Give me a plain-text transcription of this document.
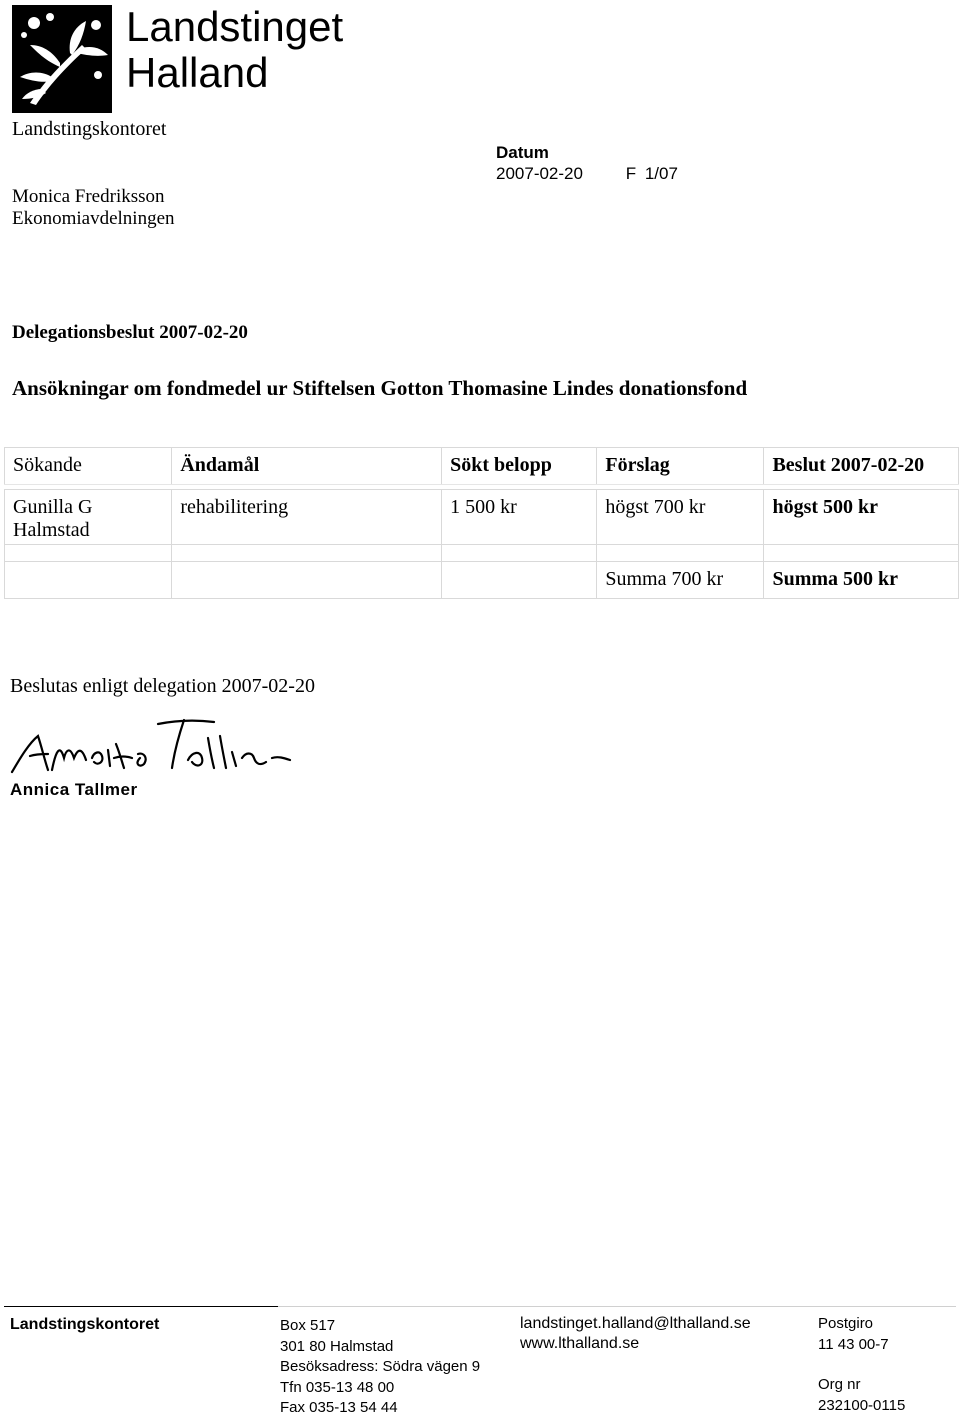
Landstinget
Halland
Landstingskontoret
Monica Fredriksson
Ekonomiavdelningen
Datum
2007-02-20	F 1/07
Delegationsbeslut 2007-02-20
Ansökningar om fondmedel ur Stiftelsen Gotton Thomasine Lindes donationsfond
Sökande	Ändamål	Sökt belopp	Förslag	Beslut 2007-02-20

Gunilla G
Halmstad	rehabilitering	1 500 kr	högst 700 kr	högst 500 kr

			Summa 700 kr	Summa 500 kr
Beslutas enligt delegation 2007-02-20
Annica Tallmer
Landstingskontoret	Box 517
301 80 Halmstad
Besöksadress: Södra vägen 9
Tfn 035-13 48 00
Fax 035-13 54 44
landstinget.halland@lthalland.se
www.lthalland.se
Postgiro
11 43 00-7
Org nr
232100-0115
